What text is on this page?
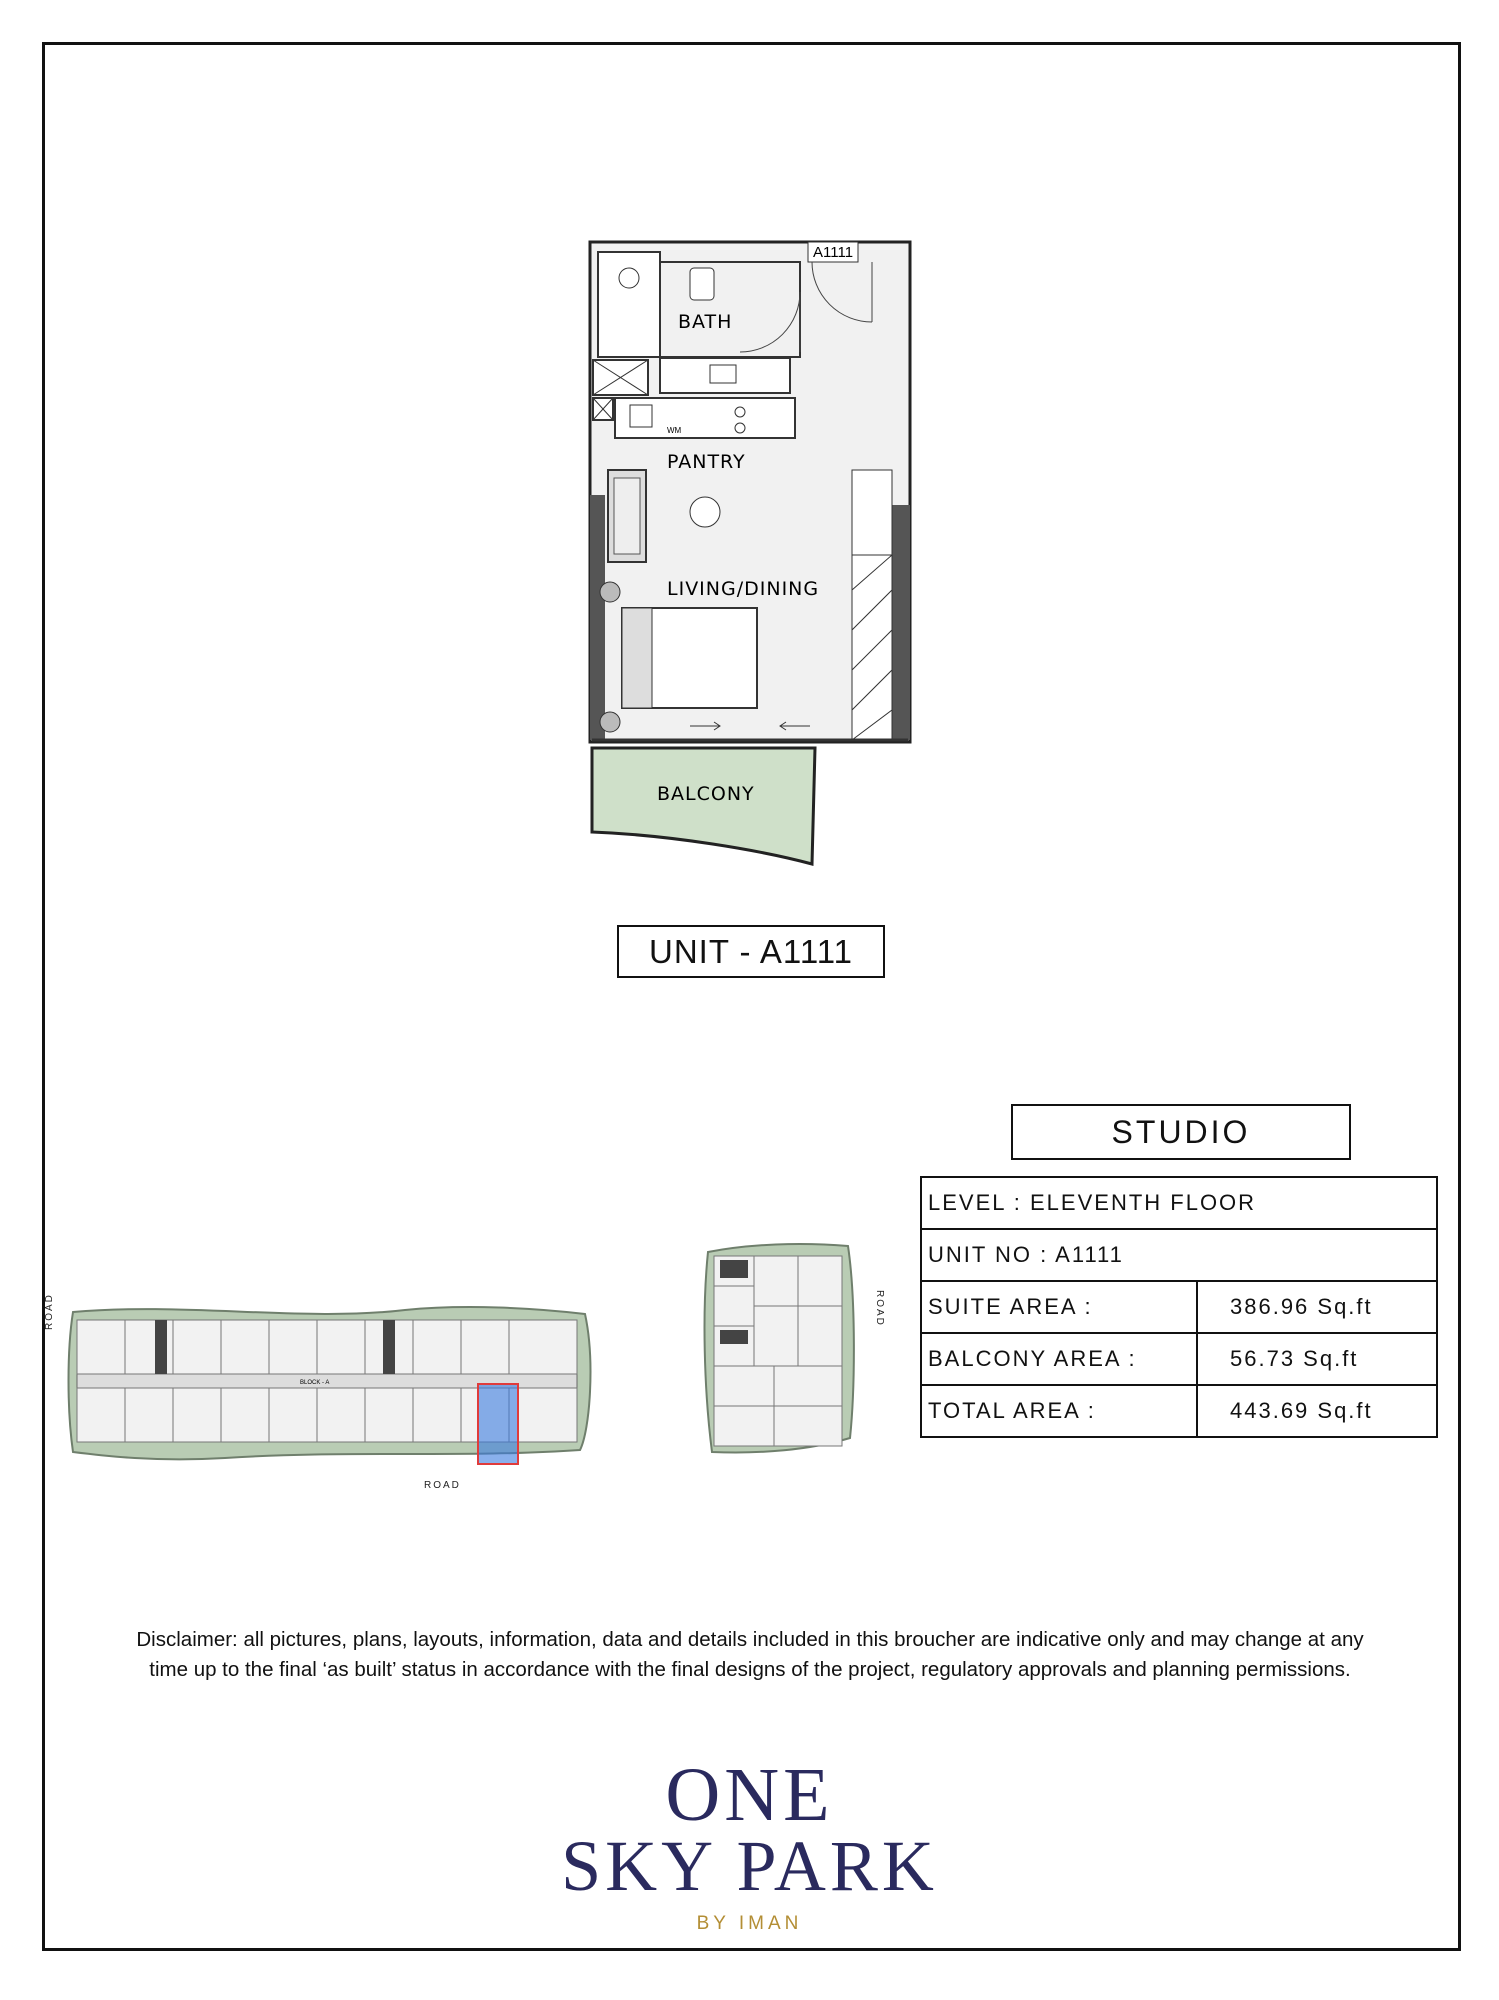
A1111
BATH
WM
PANTRY
LIVING/DINING
BALCONY
UNIT - A1111
BLOCK - A
ROAD
ROAD
ROAD
STUDIO
LEVEL : ELEVENTH FLOOR	
UNIT NO : A1111	
SUITE AREA :	386.96 Sq.ft
BALCONY AREA :	56.73 Sq.ft
TOTAL AREA :	443.69 Sq.ft
Disclaimer: all pictures, plans, layouts, information, data and details included in this broucher are indicative only and may change at any time up to the final ‘as built’ status in accordance with the final designs of the project, regulatory approvals and planning permissions.
ONE
SKY PARK
BY IMAN
